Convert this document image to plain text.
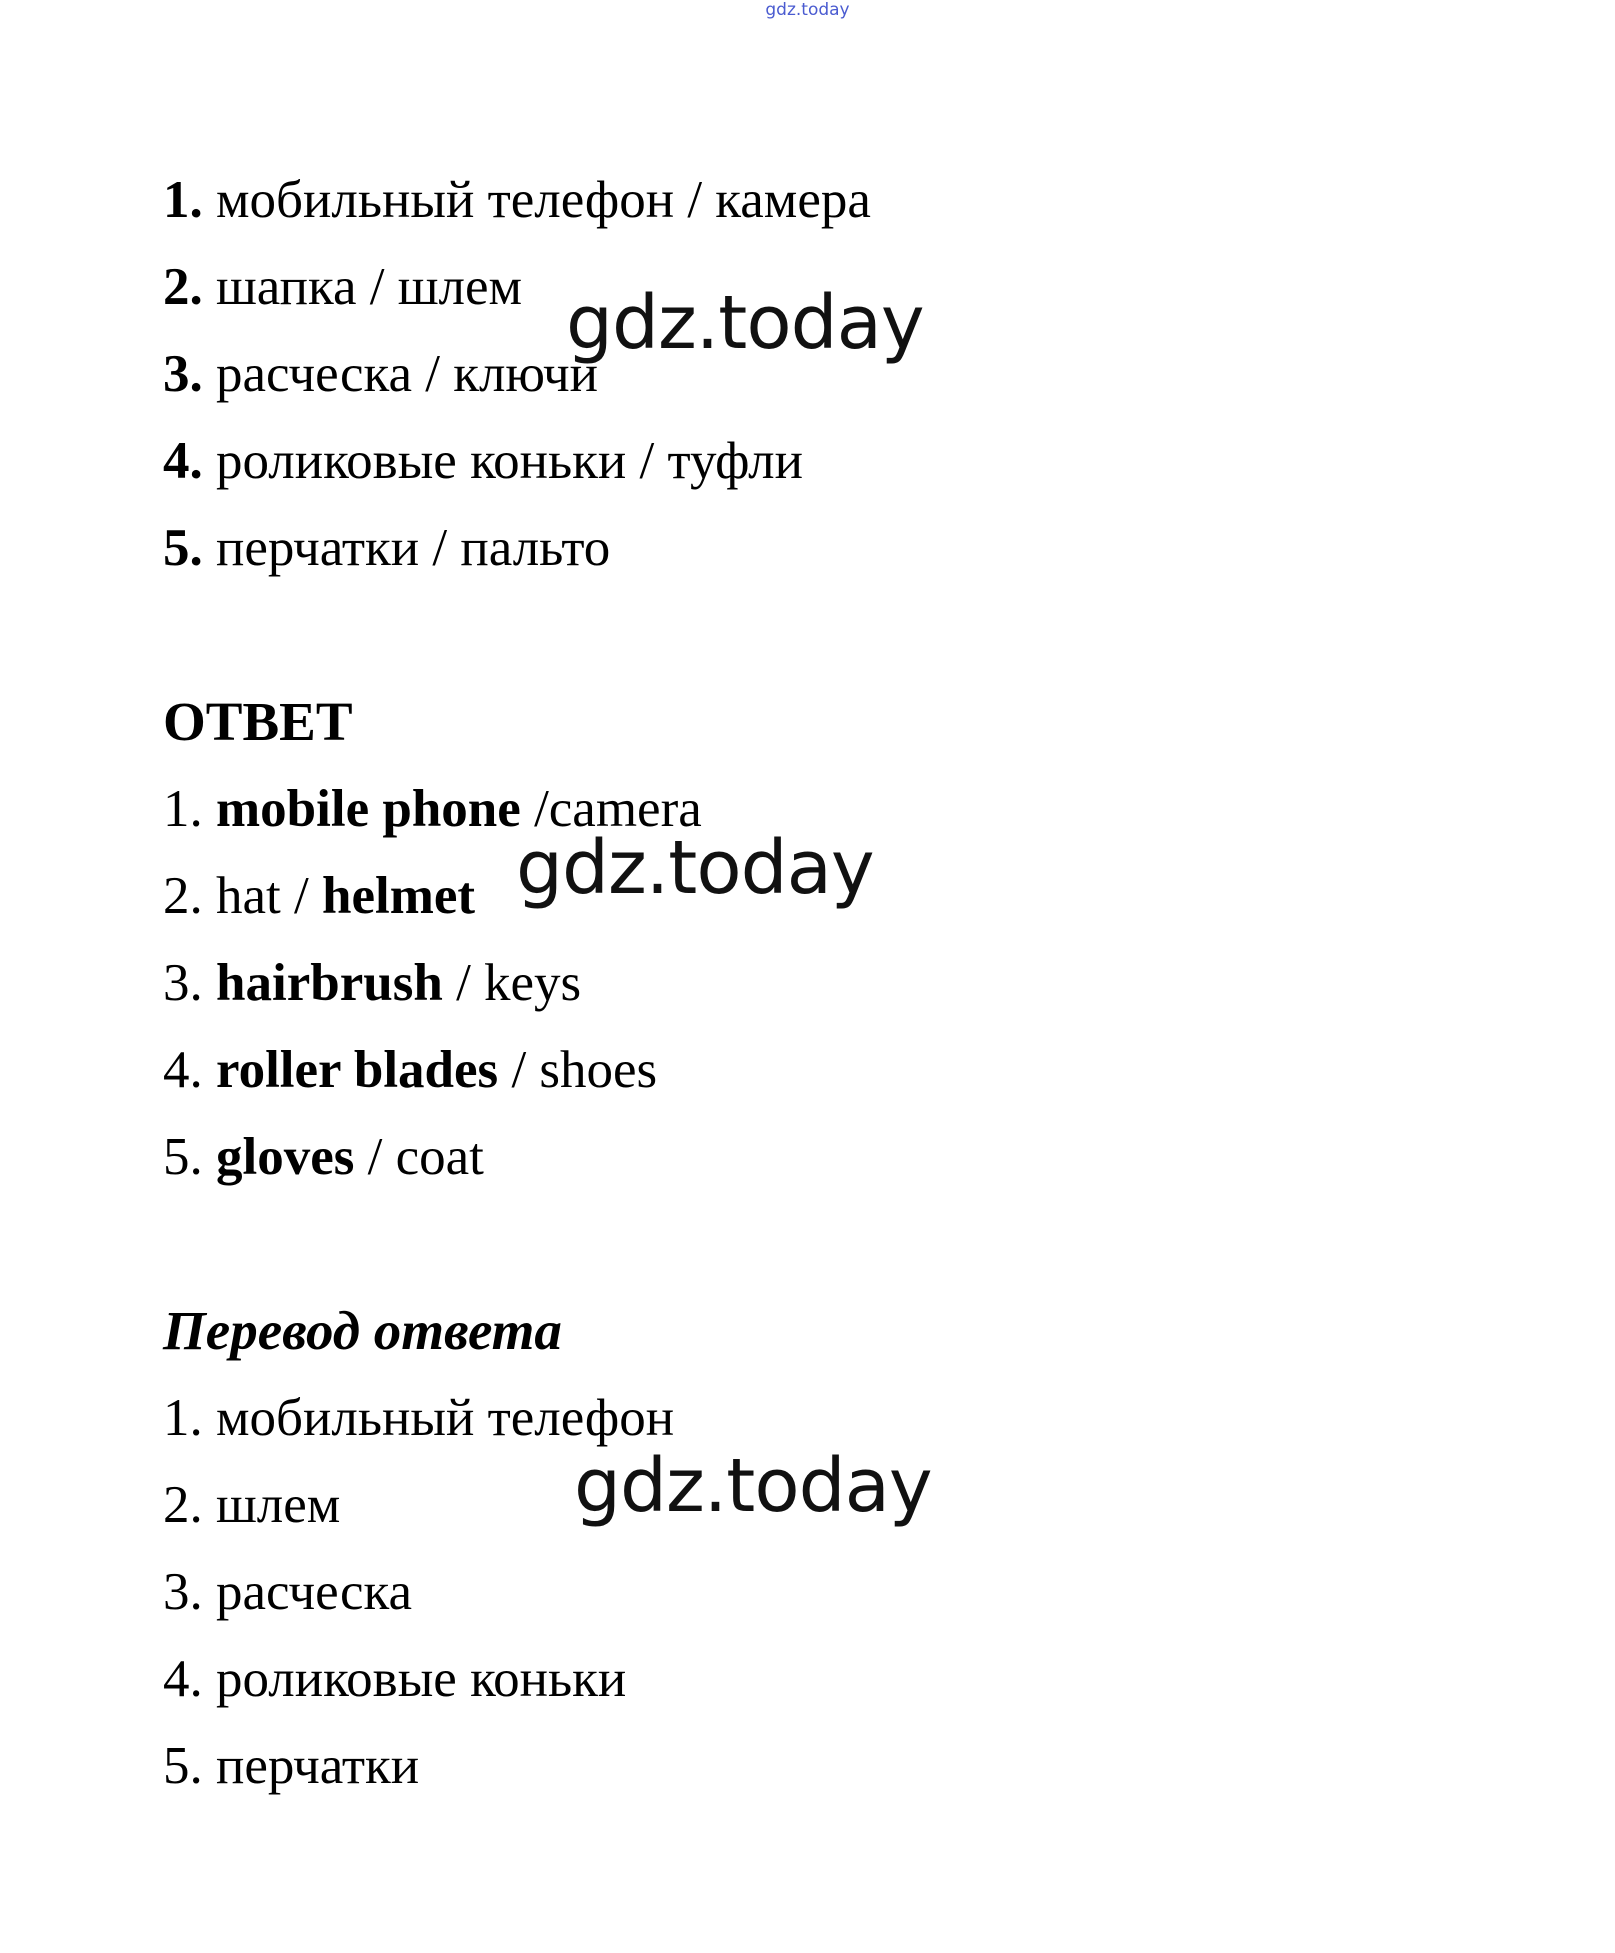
gdz.today
1. мобильный телефон / камера
2. шапка / шлем
3. расческа / ключи
4. роликовые коньки / туфли
5. перчатки / пальто
gdz.today
ОТВЕТ
1. mobile phone /camera
2. hat / helmet
3. hairbrush / keys
4. roller blades / shoes
5. gloves / coat
gdz.today
Перевод ответа
1. мобильный телефон
2. шлем
3. расческа
4. роликовые коньки
5. перчатки
gdz.today
